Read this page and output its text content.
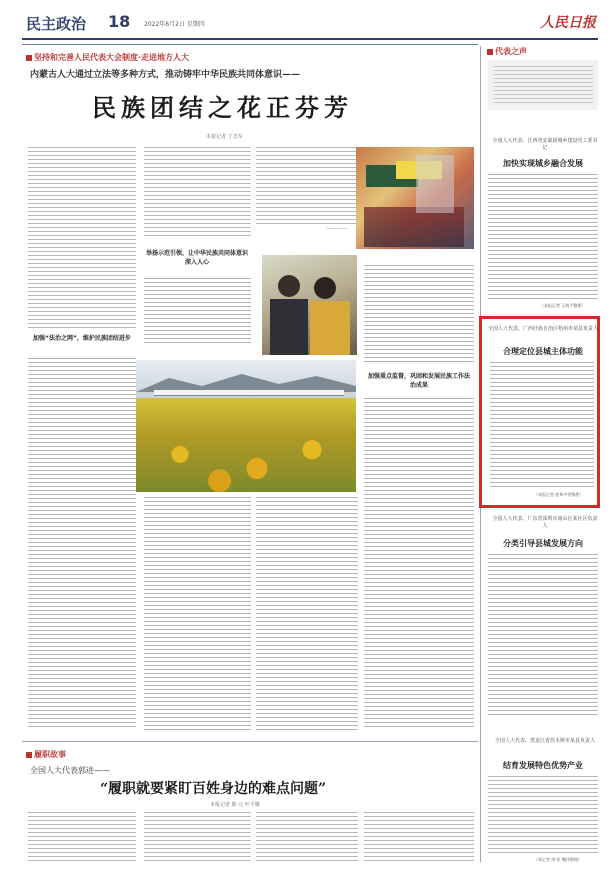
民主政治 18 2022年6月2日 星期四	人民日报
坚持和完善人民代表大会制度·走进地方人大
内蒙古人大通过立法等多种方式，推动铸牢中华民族共同体意识——
民族团结之花正芬芳
本报记者 丁志军
加强“法治之网”，维护民族团结进步
举扬示范引领，让中华民族共同体意识深入人心
——·——
加强重点监督，巩固和发展民族工作法治成果
代表之声
全国人大代表、江西省安源新城乡建设党工委书记
加快实现城乡融合发展
（本报记者 王晓平整理）
全国人大代表、广西壮族自治区梧州市某县负责人
合理定位县城主体功能
（本报记者 庞革平等整理）
全国人大代表、广东省深圳市南山区某社区负责人
分类引导县城发展方向
全国人大代表、黑龙江省佳木斯市某县负责人
结育发展特色优势产业
（本记者 周 阳 魏玮整理）
履职故事
全国人大代表郭进——
“履职就要紧盯百姓身边的难点问题”
本报记者 陈 元 叶平耀
